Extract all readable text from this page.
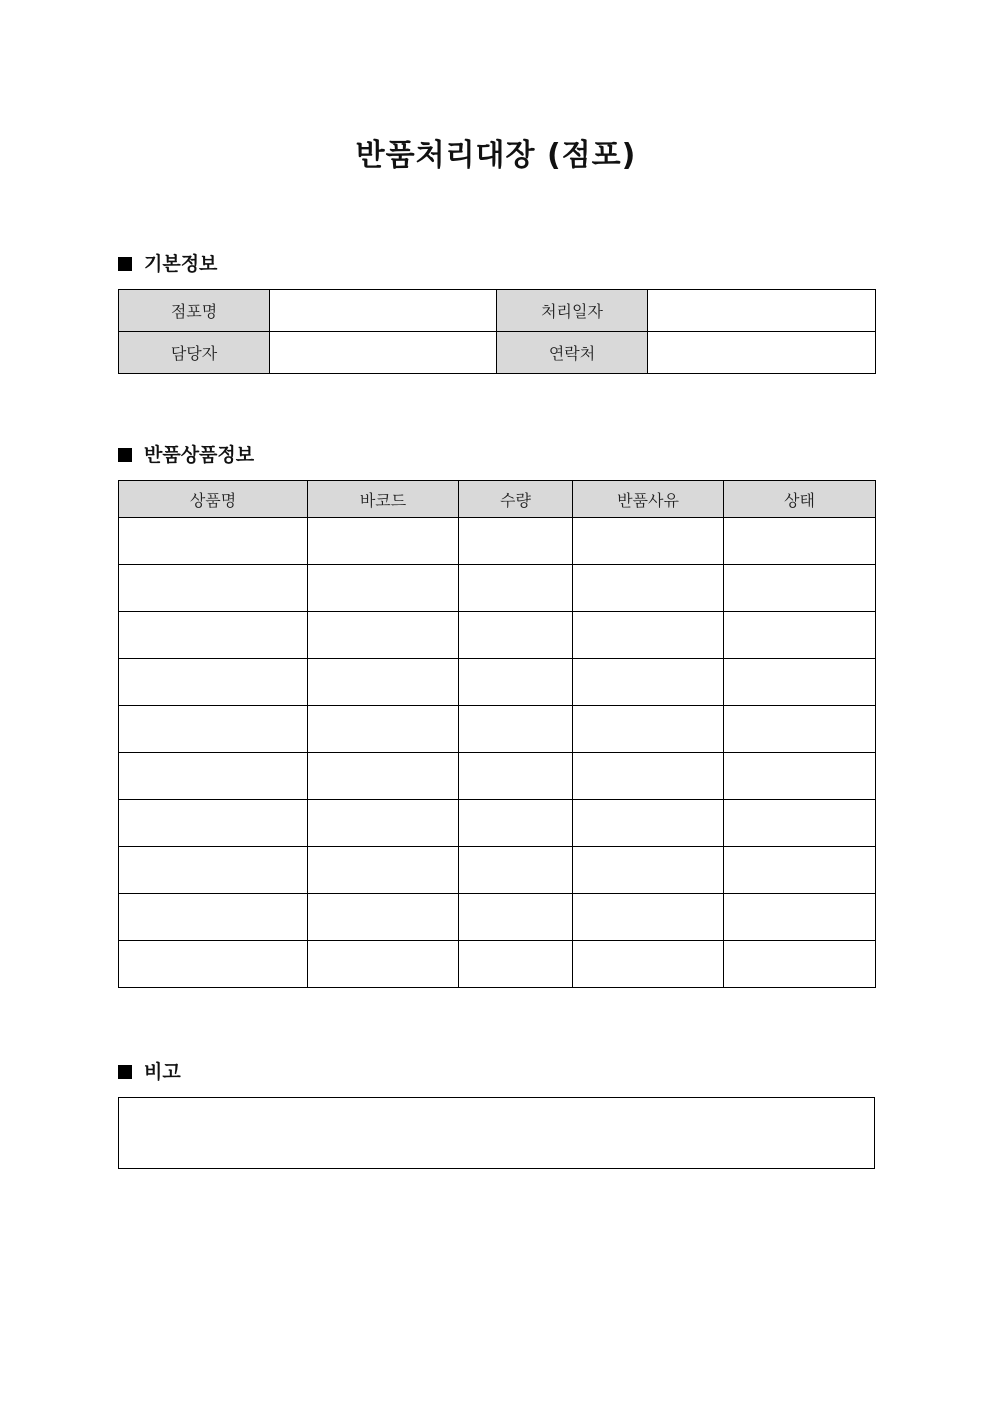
반품처리대장 (점포)
기본정보
점포명		처리일자	
담당자		연락처	
반품상품정보
상품명	바코드	수량	반품사유	상태

비고
